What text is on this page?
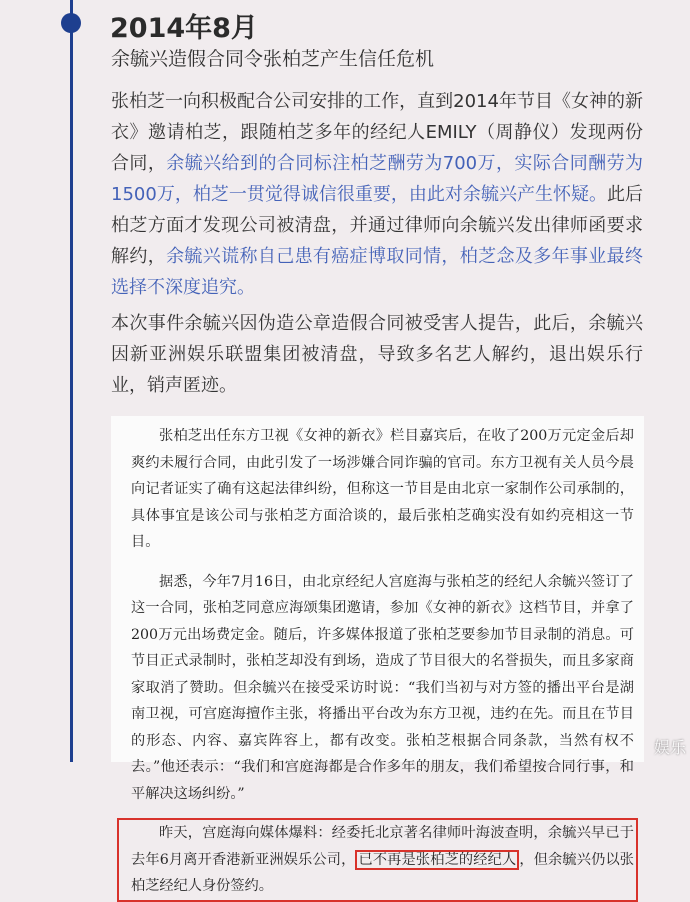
2014年8月
余毓兴造假合同令张柏芝产生信任危机
张柏芝一向积极配合公司安排的工作，直到2014年节目《女神的新衣》邀请柏芝，跟随柏芝多年的经纪人EMILY（周静仪）发现两份合同，余毓兴给到的合同标注柏芝酬劳为700万，实际合同酬劳为1500万，柏芝一贯觉得诚信很重要，由此对余毓兴产生怀疑。此后柏芝方面才发现公司被清盘，并通过律师向余毓兴发出律师函要求解约，余毓兴谎称自己患有癌症博取同情，柏芝念及多年事业最终选择不深度追究。
本次事件余毓兴因伪造公章造假合同被受害人提告，此后，余毓兴因新亚洲娱乐联盟集团被清盘，导致多名艺人解约，退出娱乐行业，销声匿迹。

张柏芝出任东方卫视《女神的新衣》栏目嘉宾后，在收了200万元定金后却爽约未履行合同，由此引发了一场涉嫌合同诈骗的官司。东方卫视有关人员今晨向记者证实了确有这起法律纠纷，但称这一节目是由北京一家制作公司承制的，具体事宜是该公司与张柏芝方面洽谈的，最后张柏芝确实没有如约亮相这一节目。

据悉，今年7月16日，由北京经纪人宫庭海与张柏芝的经纪人余毓兴签订了这一合同，张柏芝同意应海颂集团邀请，参加《女神的新衣》这档节目，并拿了200万元出场费定金。随后，许多媒体报道了张柏芝要参加节目录制的消息。可节目正式录制时，张柏芝却没有到场，造成了节目很大的名誉损失，而且多家商家取消了赞助。但余毓兴在接受采访时说：“我们当初与对方签的播出平台是湖南卫视，可宫庭海擅作主张，将播出平台改为东方卫视，违约在先。而且在节目的形态、内容、嘉宾阵容上，都有改变。张柏芝根据合同条款，当然有权不去。”他还表示：“我们和宫庭海都是合作多年的朋友，我们希望按合同行事，和平解决这场纠纷。”

昨天，宫庭海向媒体爆料：经委托北京著名律师叶海波查明，余毓兴早已于去年6月离开香港新亚洲娱乐公司， 已不再是张柏芝的经纪人 ，但余毓兴仍以张柏芝经纪人身份签约。

娱乐
